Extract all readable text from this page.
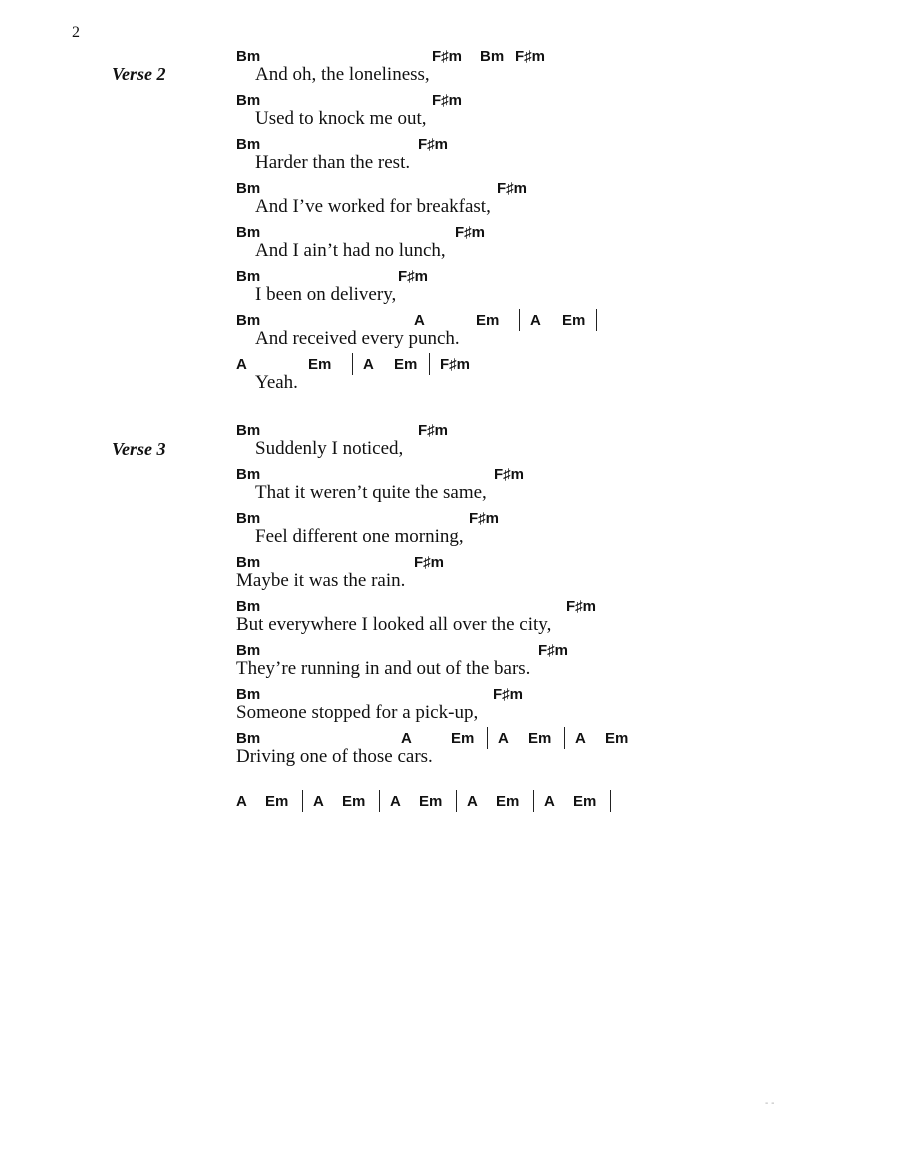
2
Verse 2
Bm	F♯m Bm F♯m
And oh, the loneliness,
Bm	F♯m
Used to knock me out,
Bm	F♯m
Harder than the rest.
Bm	F♯m
And I’ve worked for breakfast,
Bm	F♯m
And I ain’t had no lunch,
Bm	F♯m
I been on delivery,
Bm	A	Em A Em
And received every punch.
A	Em A Em F♯m
Yeah.
Verse 3
Bm	F♯m
Suddenly I noticed,
Bm	F♯m
That it weren’t quite the same,
Bm	F♯m
Feel different one morning,
Bm	F♯m
Maybe it was the rain.
Bm	F♯m
But everywhere I looked all over the city,
Bm	F♯m
They’re running in and out of the bars.
Bm	F♯m
Someone stopped for a pick-up,
Bm	A	Em A Em A Em
Driving one of those cars.
A Em A Em A Em A Em A Em
- -
